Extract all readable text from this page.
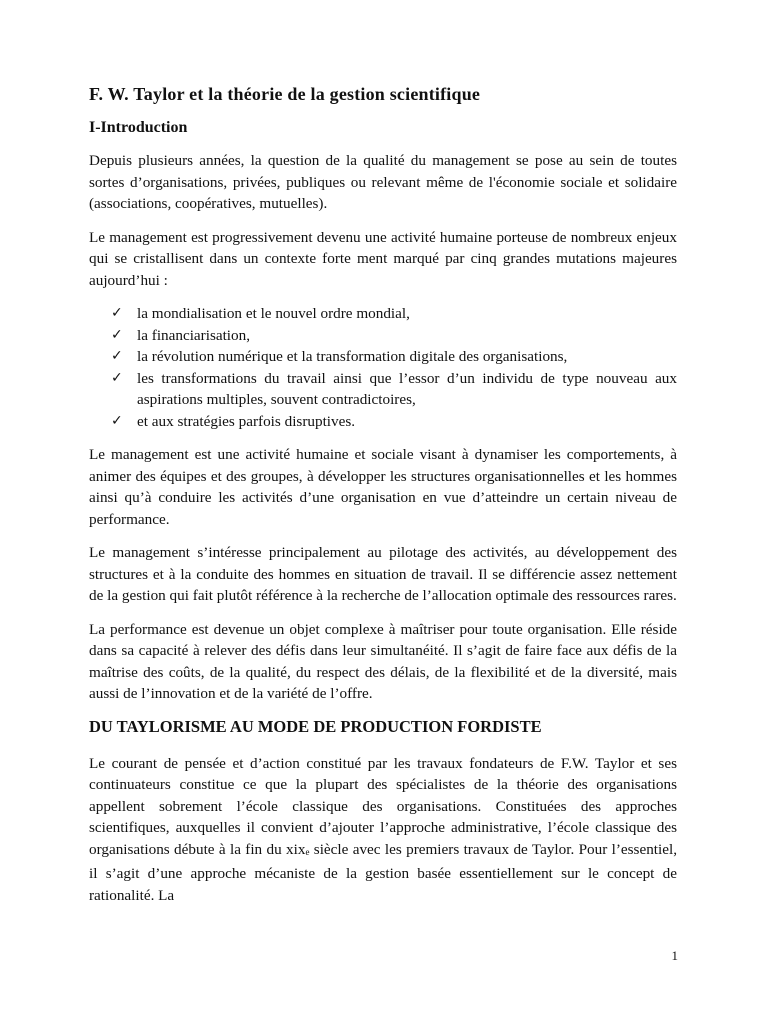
F. W. Taylor et la théorie de la gestion scientifique
I-Introduction

Depuis plusieurs années, la question de la qualité du management se pose au sein de toutes sortes d’organisations, privées, publiques ou relevant même de l'économie sociale et solidaire (associations, coopératives, mutuelles).

Le management est progressivement devenu une activité humaine porteuse de nombreux enjeux qui se cristallisent dans un contexte forte ment marqué par cinq grandes mutations majeures aujourd’hui :

✓ la mondialisation et le nouvel ordre mondial,
✓ la financiarisation,
✓ la révolution numérique et la transformation digitale des organisations,
✓ les transformations du travail ainsi que l’essor d’un individu de type nouveau aux aspirations multiples, souvent contradictoires,
✓ et aux stratégies parfois disruptives.

Le management est une activité humaine et sociale visant à dynamiser les comportements, à animer des équipes et des groupes, à développer les structures organisationnelles et les hommes ainsi qu’à conduire les activités d’une organisation en vue d’atteindre un certain niveau de performance.

Le management s’intéresse principalement au pilotage des activités, au développement des structures et à la conduite des hommes en situation de travail. Il se différencie assez nettement de la gestion qui fait plutôt référence à la recherche de l’allocation optimale des ressources rares.

La performance est devenue un objet complexe à maîtriser pour toute organisation. Elle réside dans sa capacité à relever des défis dans leur simultanéité. Il s’agit de faire face aux défis de la maîtrise des coûts, de la qualité, du respect des délais, de la flexibilité et de la diversité, mais aussi de l’innovation et de la variété de l’offre.

DU TAYLORISME AU MODE DE PRODUCTION FORDISTE

Le courant de pensée et d’action constitué par les travaux fondateurs de F.W. Taylor et ses continuateurs constitue ce que la plupart des spécialistes de la théorie des organisations appellent sobrement l’école classique des organisations. Constituées des approches scientifiques, auxquelles il convient d’ajouter l’approche administrative, l’école classique des organisations débute à la fin du xix$_e$ siècle avec les premiers travaux de Taylor. Pour l’essentiel, il s’agit d’une approche mécaniste de la gestion basée essentiellement sur le concept de rationalité. La

1
